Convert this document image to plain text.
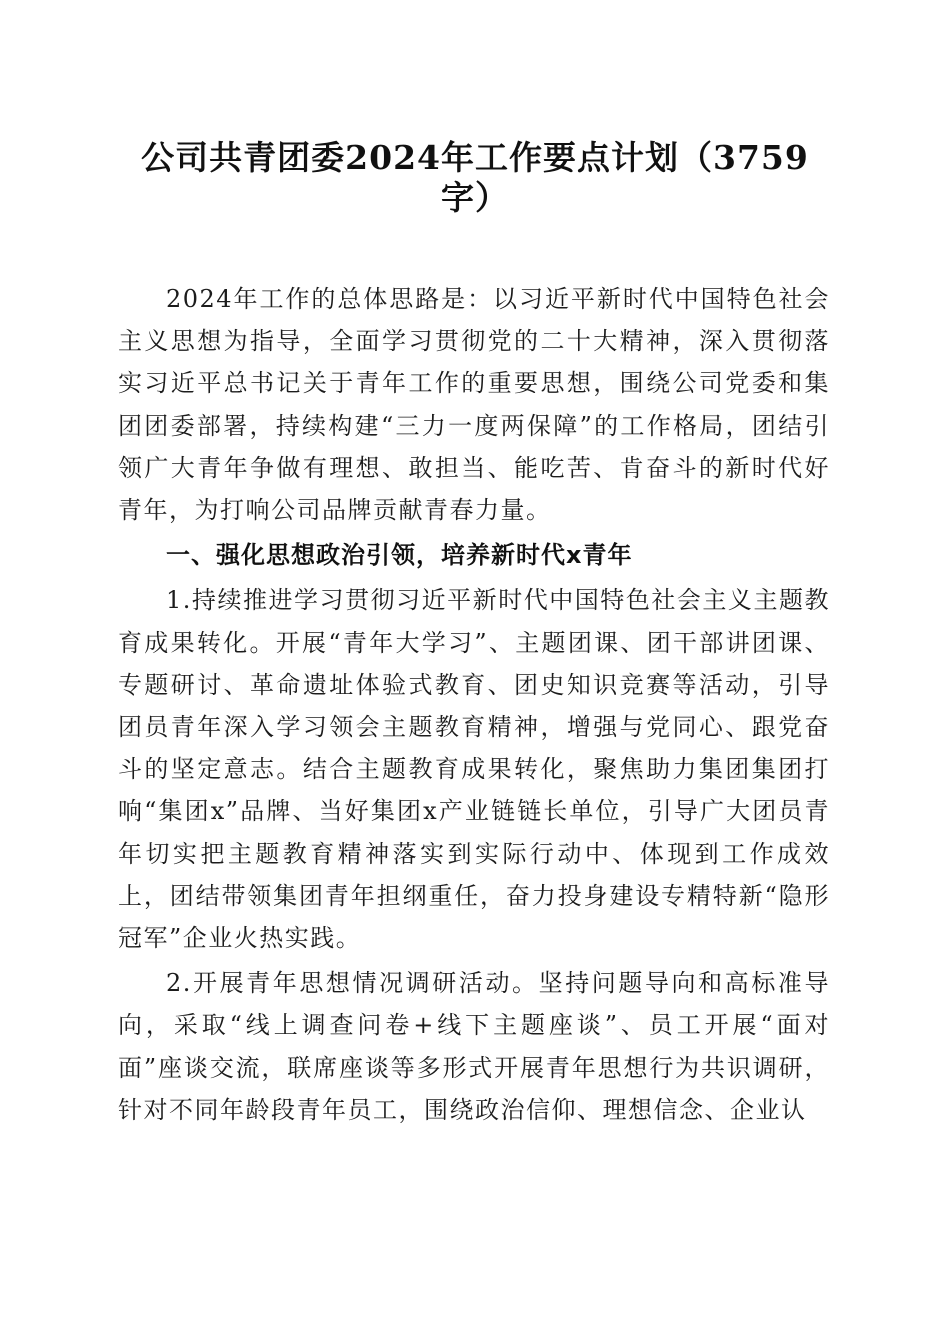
公司共青团委2024年工作要点计划（3759
字）

2024年工作的总体思路是：以习近平新时代中国特色社会主义思想为指导，全面学习贯彻党的二十大精神，深入贯彻落实习近平总书记关于青年工作的重要思想，围绕公司党委和集团团委部署，持续构建“三力一度两保障”的工作格局，团结引领广大青年争做有理想、敢担当、能吃苦、肯奋斗的新时代好青年，为打响公司品牌贡献青春力量。

一、强化思想政治引领，培养新时代x青年

1.持续推进学习贯彻习近平新时代中国特色社会主义主题教育成果转化。开展“青年大学习”、主题团课、团干部讲团课、专题研讨、革命遗址体验式教育、团史知识竞赛等活动，引导团员青年深入学习领会主题教育精神，增强与党同心、跟党奋斗的坚定意志。结合主题教育成果转化，聚焦助力集团集团打响“集团x”品牌、当好集团x产业链链长单位，引导广大团员青年切实把主题教育精神落实到实际行动中、体现到工作成效上，团结带领集团青年担纲重任，奋力投身建设专精特新“隐形冠军”企业火热实践。

2.开展青年思想情况调研活动。坚持问题导向和高标准导向，采取“线上调查问卷+线下主题座谈”、员工开展“面对面”座谈交流，联席座谈等多形式开展青年思想行为共识调研，针对不同年龄段青年员工，围绕政治信仰、理想信念、企业认
